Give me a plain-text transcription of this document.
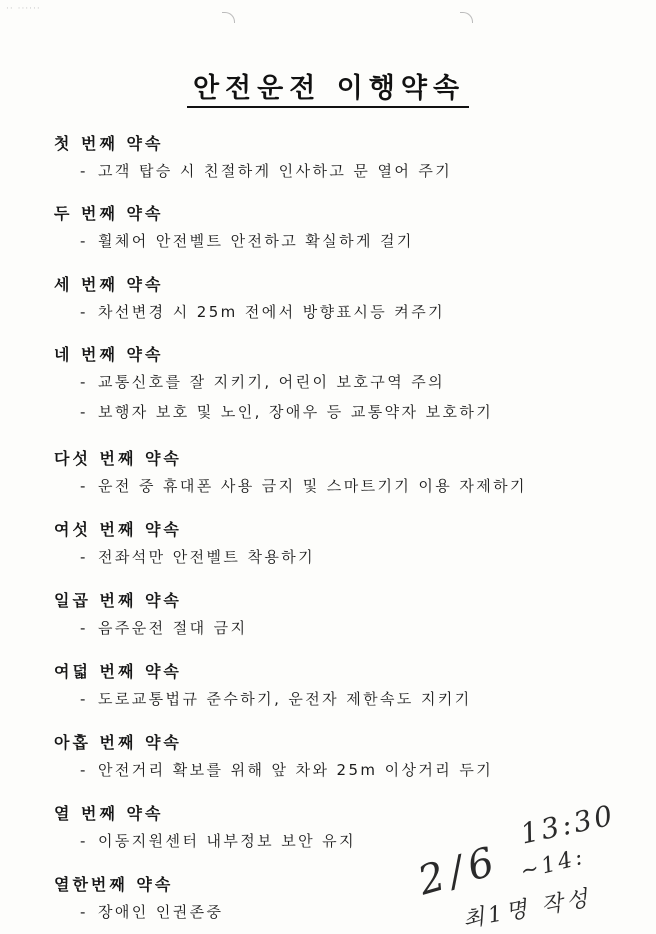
·· ······
안전운전 이행약속
첫 번째 약속
- 고객 탑승 시 친절하게 인사하고 문 열어 주기
두 번째 약속
- 휠체어 안전벨트 안전하고 확실하게 걸기
세 번째 약속
- 차선변경 시 25m 전에서 방향표시등 켜주기
네 번째 약속
- 교통신호를 잘 지키기, 어린이 보호구역 주의
- 보행자 보호 및 노인, 장애우 등 교통약자 보호하기
다섯 번째 약속
- 운전 중 휴대폰 사용 금지 및 스마트기기 이용 자제하기
여섯 번째 약속
- 전좌석만 안전벨트 착용하기
일곱 번째 약속
- 음주운전 절대 금지
여덟 번째 약속
- 도로교통법규 준수하기, 운전자 제한속도 지키기
아홉 번째 약속
- 안전거리 확보를 위해 앞 차와 25m 이상거리 두기
열 번째 약속
- 이동지원센터 내부정보 보안 유지
열한번째 약속
- 장애인 인권존중
13:30
2/6 ~14:
최1명 작성
